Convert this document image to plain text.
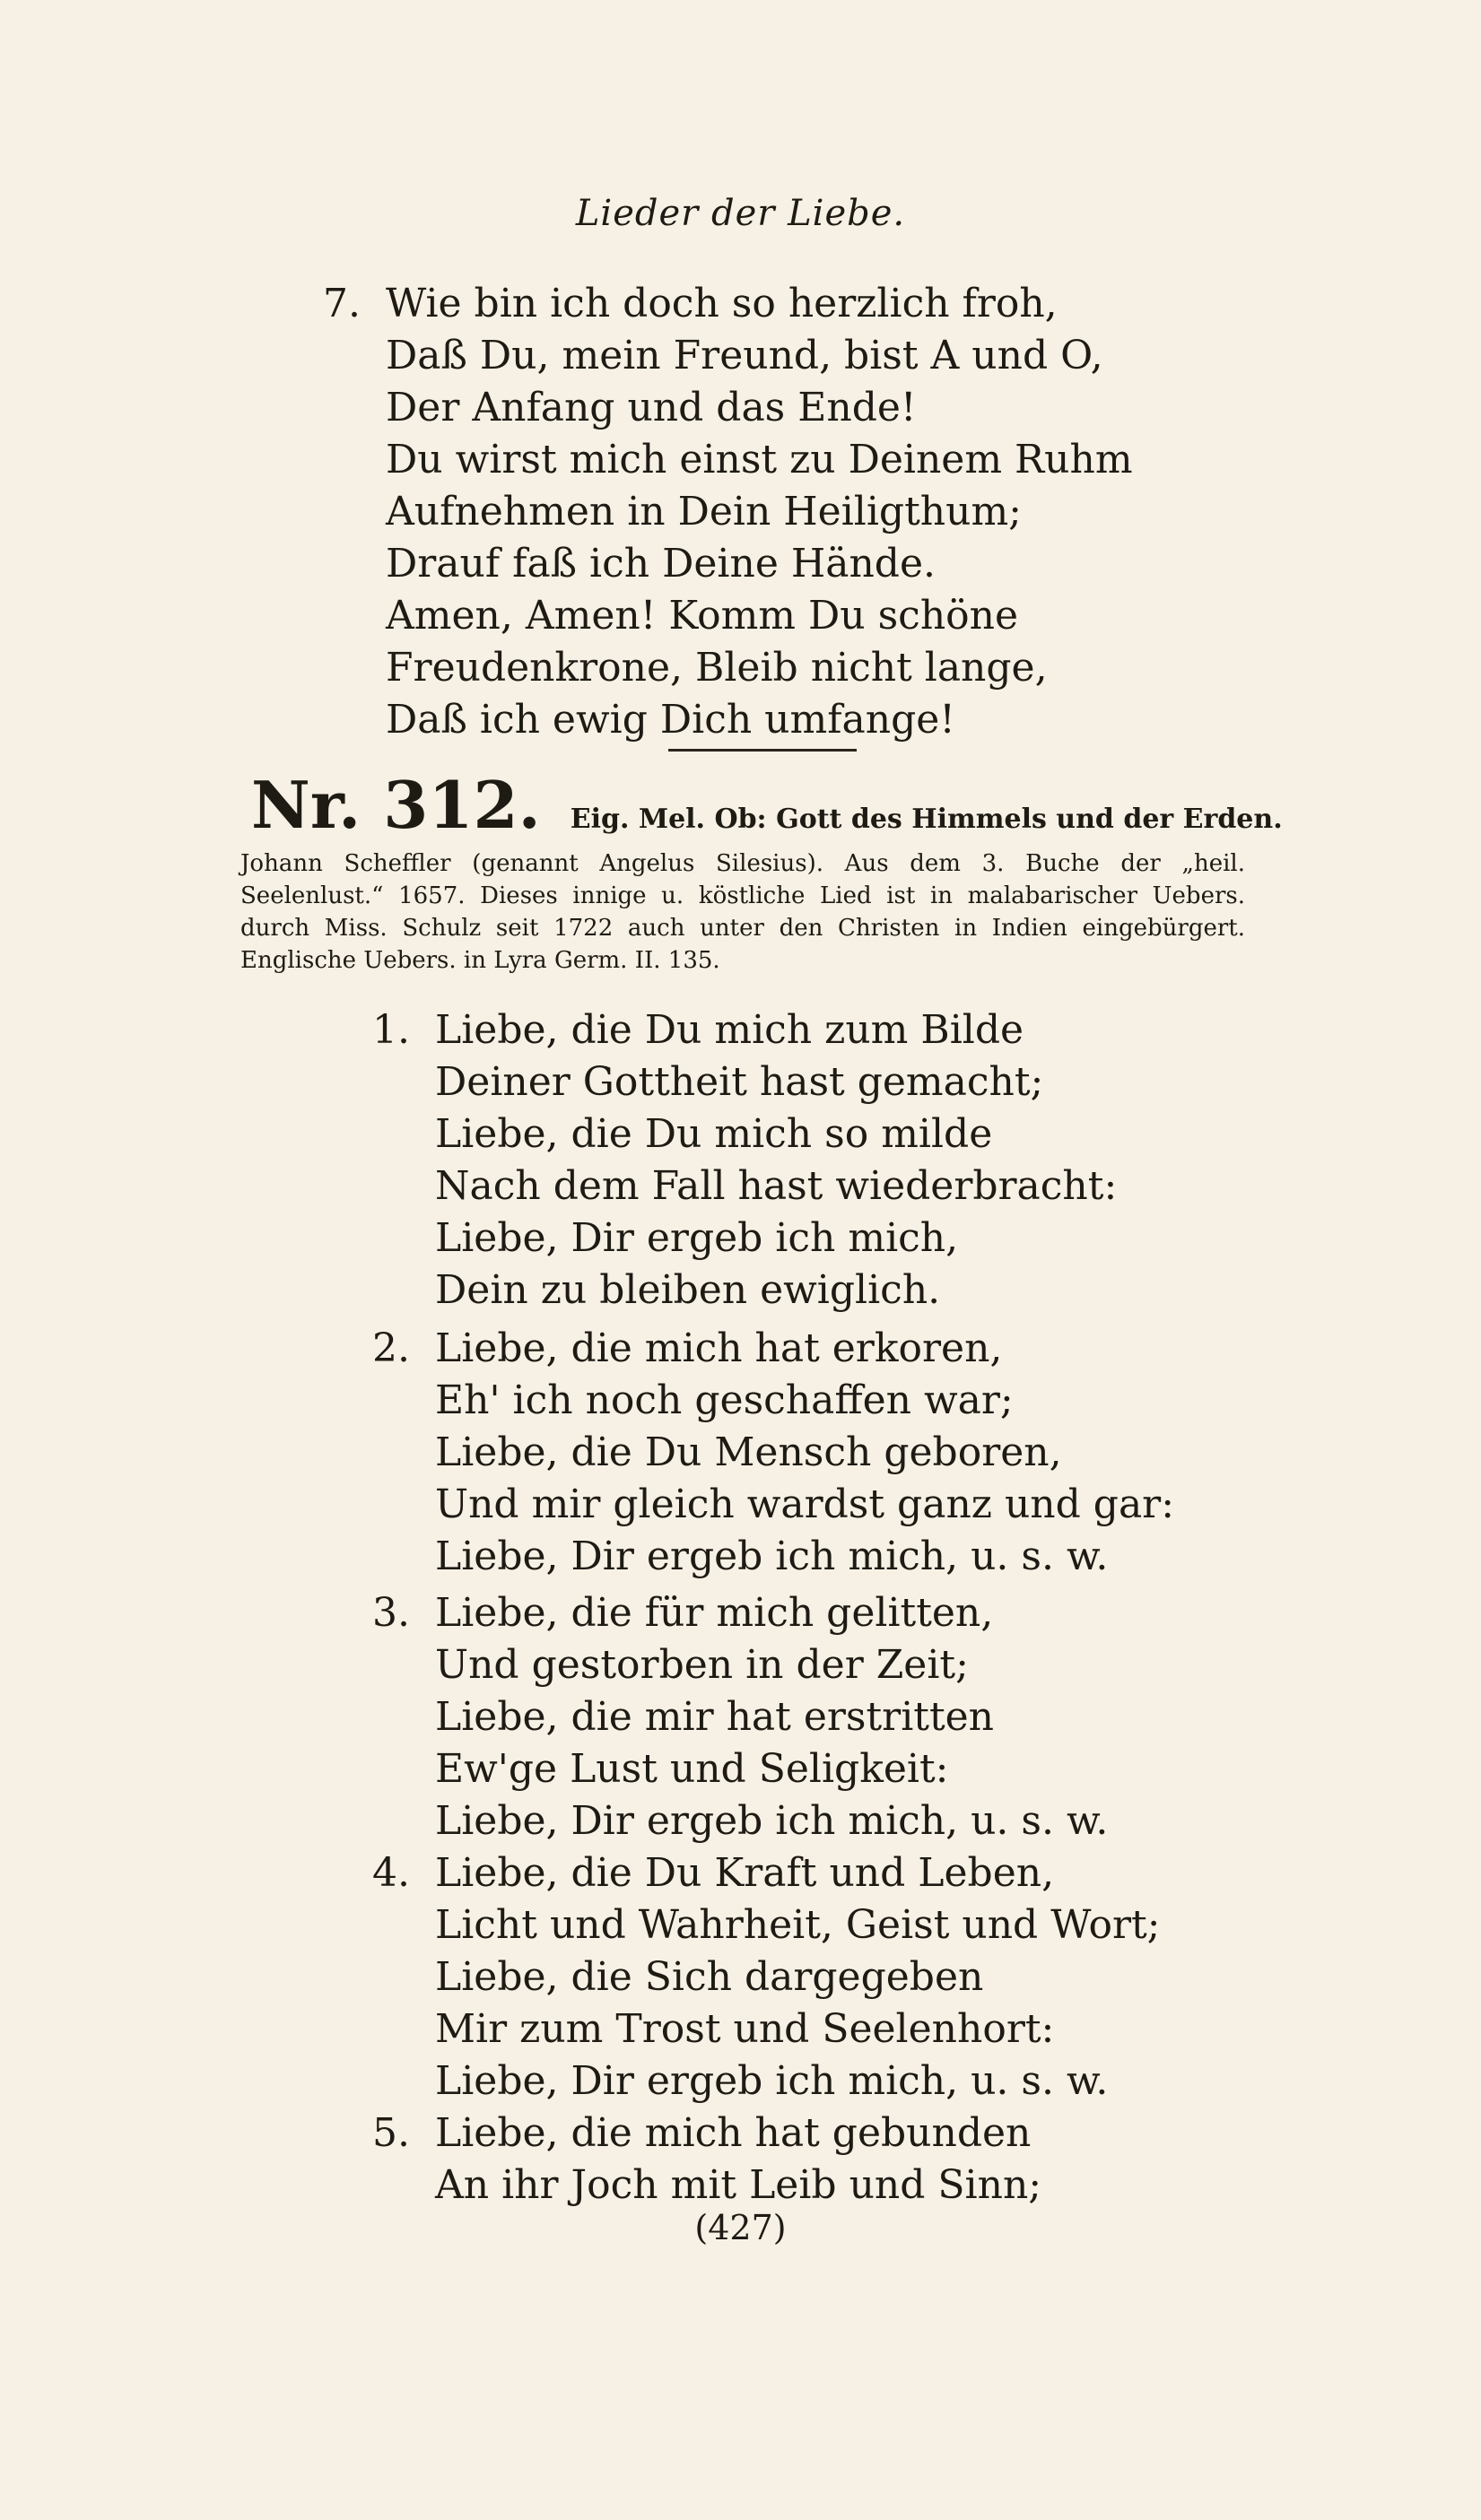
Lieder der Liebe.
7. Wie bin ich doch so herzlich froh,
Daß Du, mein Freund, bist A und O,
Der Anfang und das Ende!
Du wirst mich einst zu Deinem Ruhm
Aufnehmen in Dein Heiligthum;
Drauf faß ich Deine Hände.
Amen, Amen! Komm Du schöne
Freudenkrone, Bleib nicht lange,
Daß ich ewig Dich umfange!
Nr. 312. Eig. Mel. Ob: Gott des Himmels und der Erden.
Johann Scheffler (genannt Angelus Silesius). Aus dem 3. Buche der „heil. Seelenlust.“ 1657. Dieses innige u. köstliche Lied ist in malabarischer Uebers. durch Miss. Schulz seit 1722 auch unter den Christen in Indien eingebürgert. Englische Uebers. in Lyra Germ. II. 135.
1. Liebe, die Du mich zum Bilde
Deiner Gottheit hast gemacht;
Liebe, die Du mich so milde
Nach dem Fall hast wiederbracht:
Liebe, Dir ergeb ich mich,
Dein zu bleiben ewiglich.
2. Liebe, die mich hat erkoren,
Eh' ich noch geschaffen war;
Liebe, die Du Mensch geboren,
Und mir gleich wardst ganz und gar:
Liebe, Dir ergeb ich mich, u. s. w.
3. Liebe, die für mich gelitten,
Und gestorben in der Zeit;
Liebe, die mir hat erstritten
Ew'ge Lust und Seligkeit:
Liebe, Dir ergeb ich mich, u. s. w.
4. Liebe, die Du Kraft und Leben,
Licht und Wahrheit, Geist und Wort;
Liebe, die Sich dargegeben
Mir zum Trost und Seelenhort:
Liebe, Dir ergeb ich mich, u. s. w.
5. Liebe, die mich hat gebunden
An ihr Joch mit Leib und Sinn;
(427)
